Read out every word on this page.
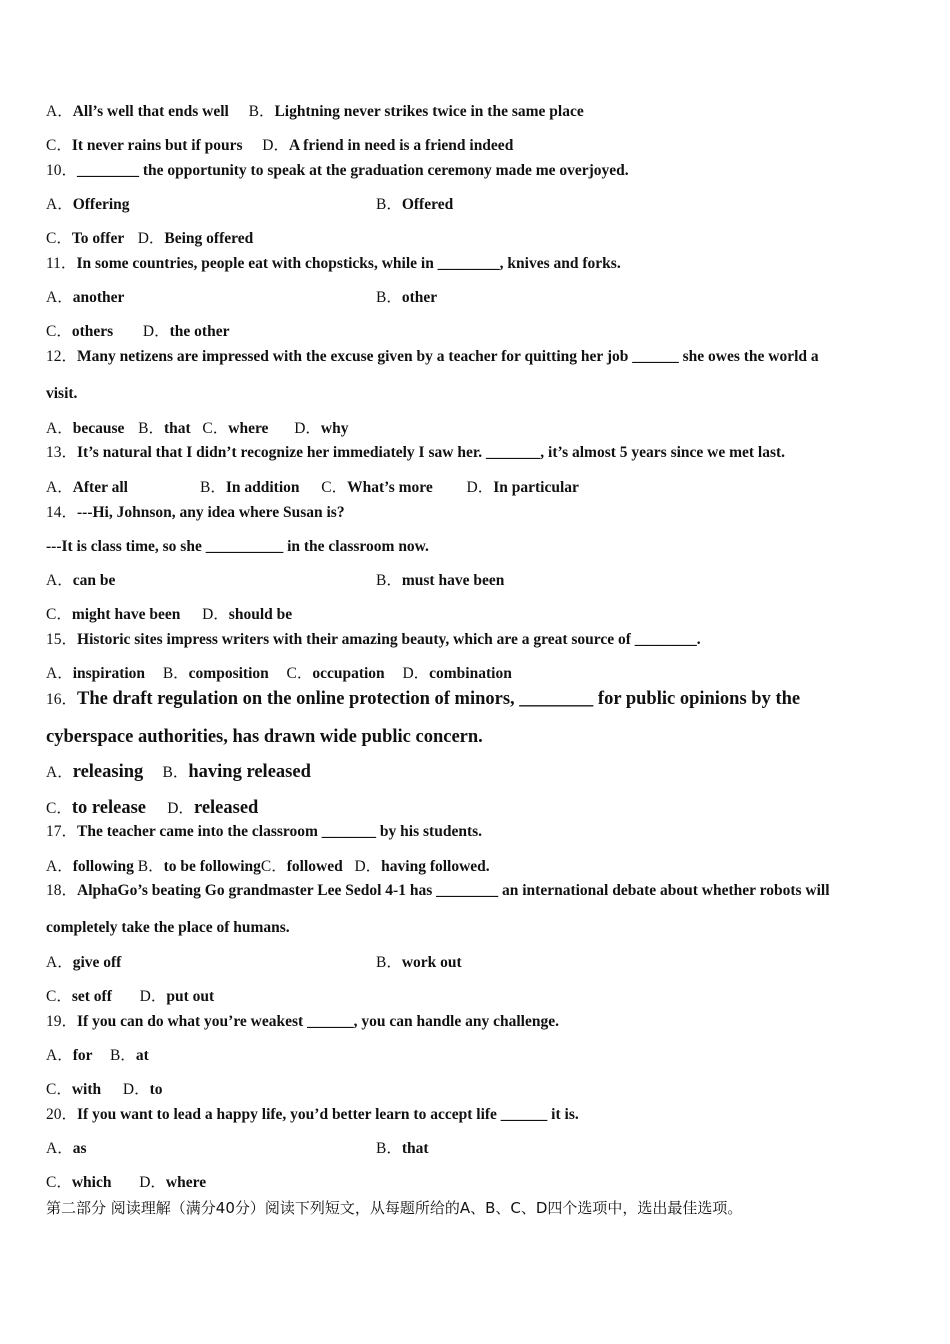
A．All’s well that ends well B．Lightning never strikes twice in the same place
C．It never rains but if pours D．A friend in need is a friend indeed
10．________ the opportunity to speak at the graduation ceremony made me overjoyed.
A．Offering	B．Offered
C．To offer D．Being offered
11．In some countries, people eat with chopsticks, while in ________, knives and forks.
A．another	B．other
C．others D．the other
12．Many netizens are impressed with the excuse given by a teacher for quitting her job ______ she owes the world a
visit.
A．because B．that C．where D．why
13．It’s natural that I didn’t recognize her immediately I saw her. _______, it’s almost 5 years since we met last.
A．After all	B．In addition C．What’s more D．In particular
14．---Hi, Johnson, any idea where Susan is?
---It is class time, so she __________ in the classroom now.
A．can be	B．must have been
C．might have been D．should be
15．Historic sites impress writers with their amazing beauty, which are a great source of ________.
A．inspiration B．composition C．occupation D．combination
16．The draft regulation on the online protection of minors, ________ for public opinions by the
cyberspace authorities, has drawn wide public concern.
A．releasing B．having released
C．to release D．released
17．The teacher came into the classroom _______ by his students.
A．following B．to be followingC．followed D．having followed.
18．AlphaGo’s beating Go grandmaster Lee Sedol 4-1 has ________ an international debate about whether robots will
completely take the place of humans.
A．give off	B．work out
C．set off D．put out
19．If you can do what you’re weakest ______, you can handle any challenge.
A．for B．at
C．with D．to
20．If you want to lead a happy life, you’d better learn to accept life ______ it is.
A．as	B．that
C．which D．where
第二部分 阅读理解（满分40分）阅读下列短文，从每题所给的A、B、C、D四个选项中，选出最佳选项。
